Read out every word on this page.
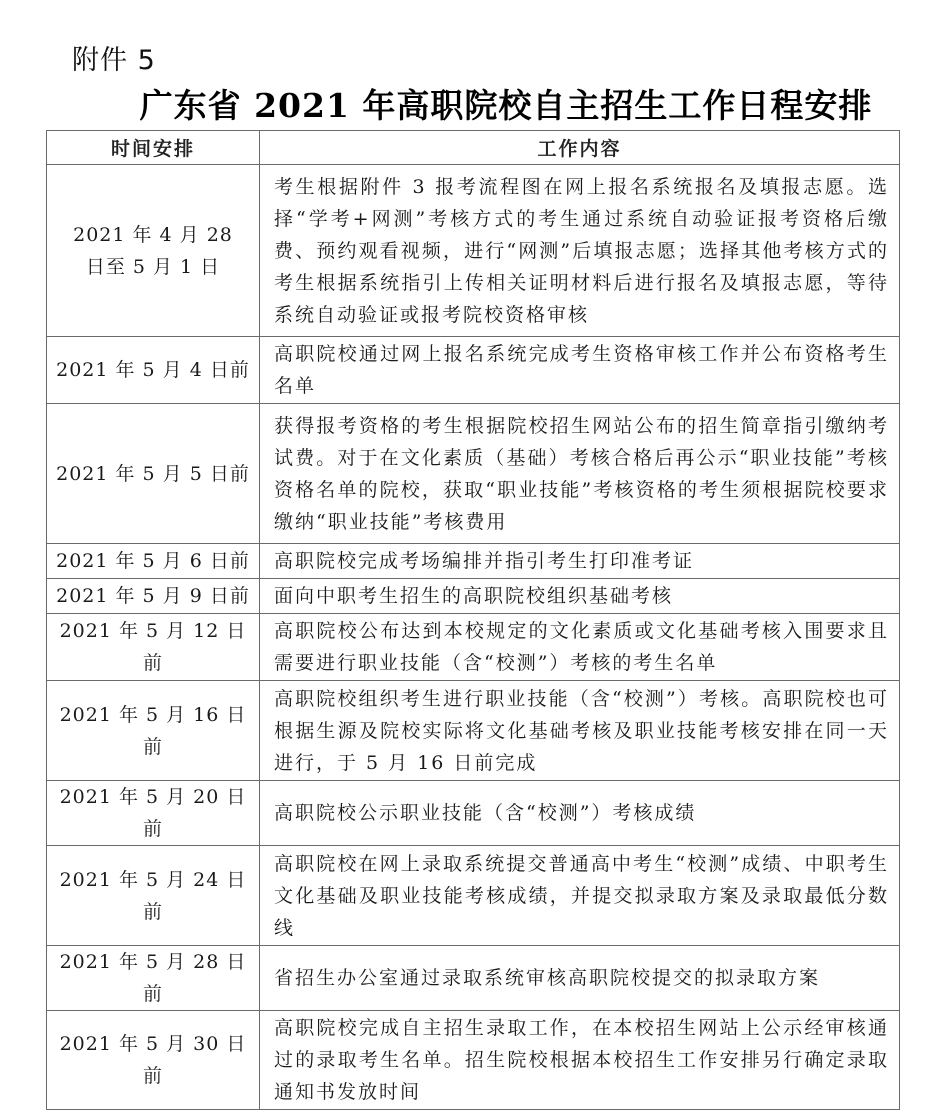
附件 5
广东省 2021 年高职院校自主招生工作日程安排
时间安排	工作内容
2021 年 4 月 28 日至 5 月 1 日	考生根据附件 3 报考流程图在网上报名系统报名及填报志愿。选择“学考+网测”考核方式的考生通过系统自动验证报考资格后缴费、预约观看视频，进行“网测”后填报志愿；选择其他考核方式的考生根据系统指引上传相关证明材料后进行报名及填报志愿，等待系统自动验证或报考院校资格审核
2021 年 5 月 4 日前	高职院校通过网上报名系统完成考生资格审核工作并公布资格考生名单
2021 年 5 月 5 日前	获得报考资格的考生根据院校招生网站公布的招生简章指引缴纳考试费。对于在文化素质（基础）考核合格后再公示“职业技能”考核资格名单的院校，获取“职业技能”考核资格的考生须根据院校要求缴纳“职业技能”考核费用
2021 年 5 月 6 日前	高职院校完成考场编排并指引考生打印准考证
2021 年 5 月 9 日前	面向中职考生招生的高职院校组织基础考核
2021 年 5 月 12 日前	高职院校公布达到本校规定的文化素质或文化基础考核入围要求且需要进行职业技能（含“校测”）考核的考生名单
2021 年 5 月 16 日前	高职院校组织考生进行职业技能（含“校测”）考核。高职院校也可根据生源及院校实际将文化基础考核及职业技能考核安排在同一天进行，于 5 月 16 日前完成
2021 年 5 月 20 日前	高职院校公示职业技能（含“校测”）考核成绩
2021 年 5 月 24 日前	高职院校在网上录取系统提交普通高中考生“校测”成绩、中职考生文化基础及职业技能考核成绩，并提交拟录取方案及录取最低分数线
2021 年 5 月 28 日前	省招生办公室通过录取系统审核高职院校提交的拟录取方案
2021 年 5 月 30 日前	高职院校完成自主招生录取工作，在本校招生网站上公示经审核通过的录取考生名单。招生院校根据本校招生工作安排另行确定录取通知书发放时间
